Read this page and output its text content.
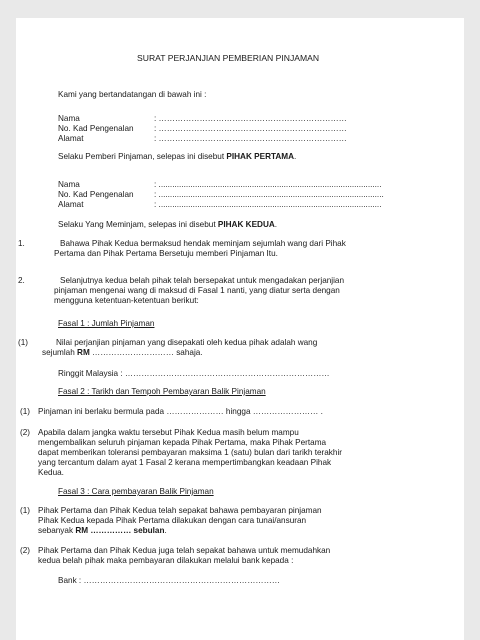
SURAT PERJANJIAN PEMBERIAN PINJAMAN
Kami yang bertandatangan di bawah ini :
Nama	: ……………………………………………………………
No. Kad Pengenalan : ……………………………………………………………
Alamat	: ……………………………………………………………
Selaku Pemberi Pinjaman, selepas ini disebut PIHAK PERTAMA.
Nama	: ..................................................................................................
No. Kad Pengenalan : ...................................................................................................
Alamat	: ..................................................................................................
Selaku Yang Meminjam, selepas ini disebut PIHAK KEDUA.
1.	Bahawa Pihak Kedua bermaksud hendak meminjam sejumlah wang dari Pihak
Pertama dan Pihak Pertama Bersetuju memberi Pinjaman Itu.
2.	Selanjutnya kedua belah pihak telah bersepakat untuk mengadakan perjanjian
pinjaman mengenai wang di maksud di Fasal 1 nanti, yang diatur serta dengan
mengguna ketentuan-ketentuan berikut:
Fasal 1 : Jumlah Pinjaman
(1)	Nilai perjanjian pinjaman yang disepakati oleh kedua pihak adalah wang
sejumlah RM ………………………… sahaja.
Ringgit Malaysia : …………………………………………………………………
Fasal 2 : Tarikh dan Tempoh Pembayaran Balik Pinjaman
(1) Pinjaman ini berlaku bermula pada ………………… hingga …………………… .
(2) Apabila dalam jangka waktu tersebut Pihak Kedua masih belum mampu
mengembalikan seluruh pinjaman kepada Pihak Pertama, maka Pihak Pertama
dapat memberikan toleransi pembayaran maksima 1 (satu) bulan dari tarikh terakhir
yang tercantum dalam ayat 1 Fasal 2 kerana mempertimbangkan keadaan Pihak
Kedua.
Fasal 3 : Cara pembayaran Balik Pinjaman
(1) Pihak Pertama dan Pihak Kedua telah sepakat bahawa pembayaran pinjaman
Pihak Kedua kepada Pihak Pertama dilakukan dengan cara tunai/ansuran
sebanyak RM …………… sebulan.
(2) Pihak Pertama dan Pihak Kedua juga telah sepakat bahawa untuk memudahkan
kedua belah pihak maka pembayaran dilakukan melalui bank kepada :
Bank : ………………………………………………………………
